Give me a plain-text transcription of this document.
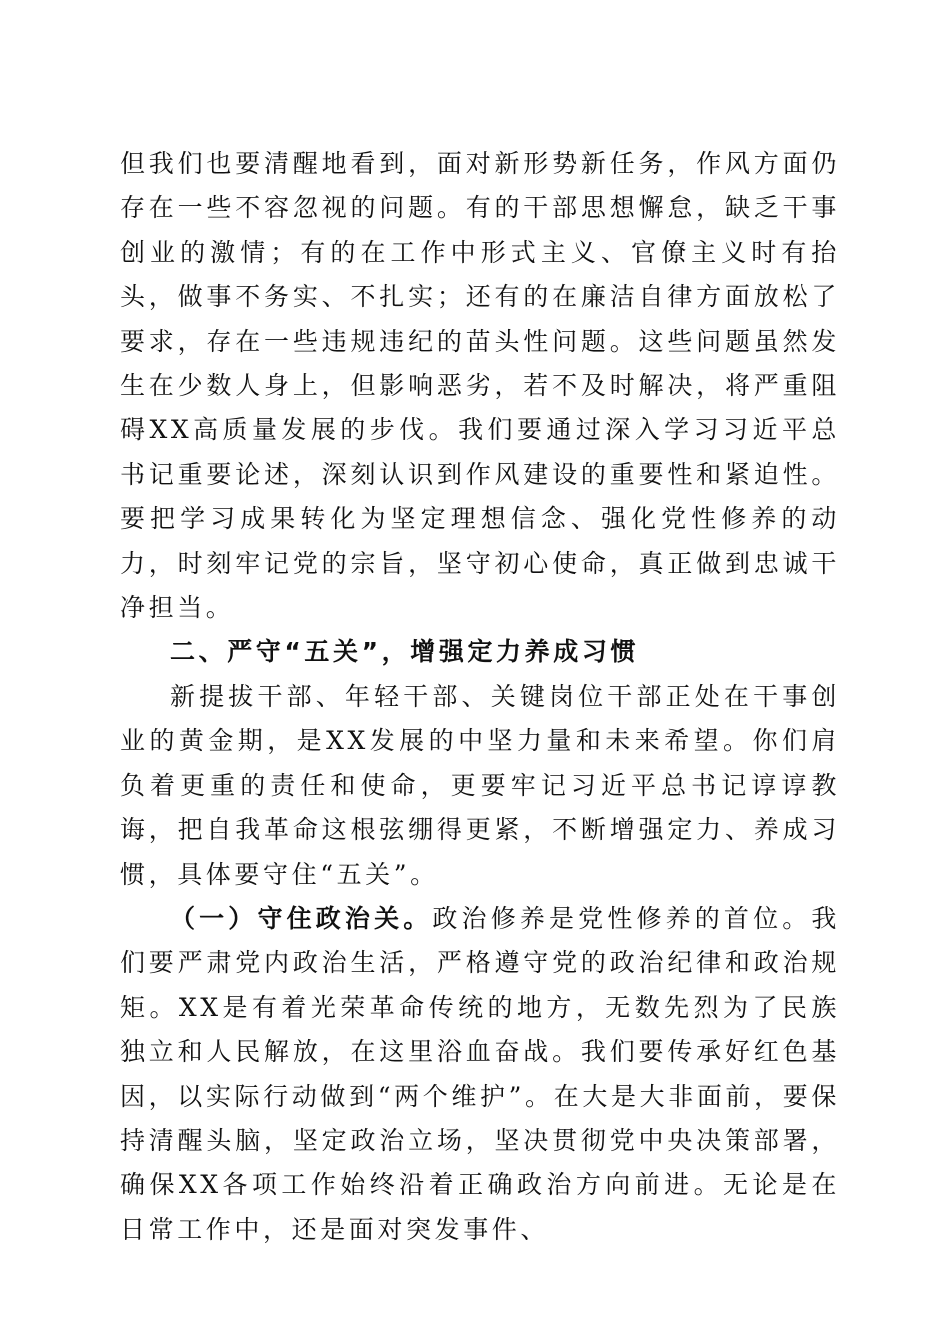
但我们也要清醒地看到，面对新形势新任务，作风方面仍存在一些不容忽视的问题。有的干部思想懈怠，缺乏干事创业的激情；有的在工作中形式主义、官僚主义时有抬头，做事不务实、不扎实；还有的在廉洁自律方面放松了要求，存在一些违规违纪的苗头性问题。这些问题虽然发生在少数人身上，但影响恶劣，若不及时解决，将严重阻碍XX高质量发展的步伐。我们要通过深入学习习近平总书记重要论述，深刻认识到作风建设的重要性和紧迫性。要把学习成果转化为坚定理想信念、强化党性修养的动力，时刻牢记党的宗旨，坚守初心使命，真正做到忠诚干净担当。

二、严守“五关”，增强定力养成习惯

新提拔干部、年轻干部、关键岗位干部正处在干事创业的黄金期，是XX发展的中坚力量和未来希望。你们肩负着更重的责任和使命，更要牢记习近平总书记谆谆教诲，把自我革命这根弦绷得更紧，不断增强定力、养成习惯，具体要守住“五关”。

（一）守住政治关。政治修养是党性修养的首位。我们要严肃党内政治生活，严格遵守党的政治纪律和政治规矩。XX是有着光荣革命传统的地方，无数先烈为了民族独立和人民解放，在这里浴血奋战。我们要传承好红色基因，以实际行动做到“两个维护”。在大是大非面前，要保持清醒头脑，坚定政治立场，坚决贯彻党中央决策部署，确保XX各项工作始终沿着正确政治方向前进。无论是在日常工作中，还是面对突发事件、
